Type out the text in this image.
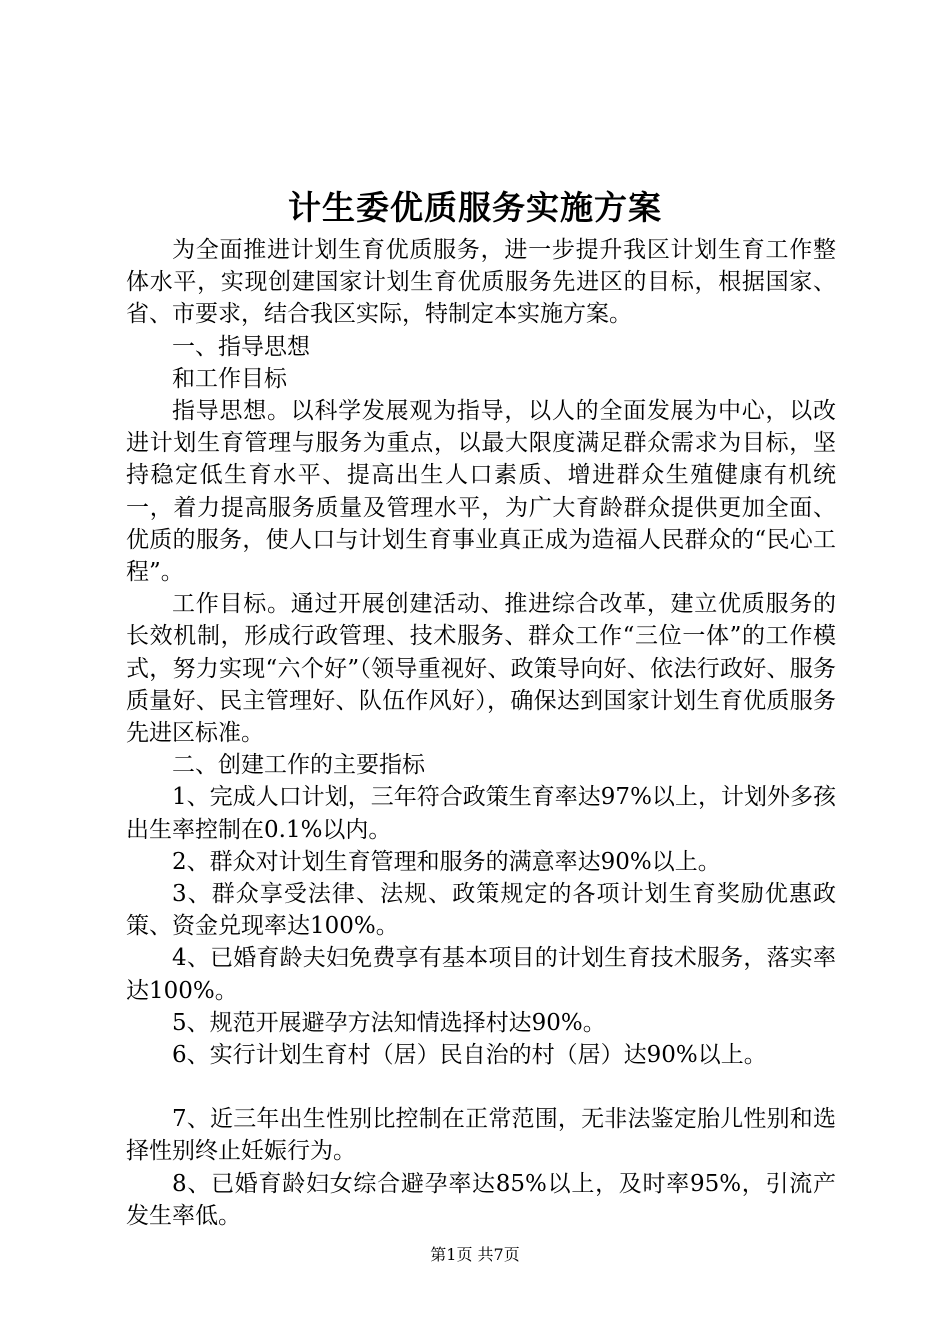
计生委优质服务实施方案

为全面推进计划生育优质服务，进一步提升我区计划生育工作整体水平，实现创建国家计划生育优质服务先进区的目标，根据国家、省、市要求，结合我区实际，特制定本实施方案。

一、指导思想

和工作目标

指导思想。以科学发展观为指导，以人的全面发展为中心，以改进计划生育管理与服务为重点，以最大限度满足群众需求为目标，坚持稳定低生育水平、提高出生人口素质、增进群众生殖健康有机统一，着力提高服务质量及管理水平，为广大育龄群众提供更加全面、优质的服务，使人口与计划生育事业真正成为造福人民群众的“民心工程”。

工作目标。通过开展创建活动、推进综合改革，建立优质服务的长效机制，形成行政管理、技术服务、群众工作“三位一体”的工作模式，努力实现“六个好”（领导重视好、政策导向好、依法行政好、服务质量好、民主管理好、队伍作风好），确保达到国家计划生育优质服务先进区标准。

二、创建工作的主要指标

1、完成人口计划，三年符合政策生育率达97%以上，计划外多孩出生率控制在0.1%以内。

2、群众对计划生育管理和服务的满意率达90%以上。

3、群众享受法律、法规、政策规定的各项计划生育奖励优惠政策、资金兑现率达100%。

4、已婚育龄夫妇免费享有基本项目的计划生育技术服务，落实率达100%。

5、规范开展避孕方法知情选择村达90%。

6、实行计划生育村（居）民自治的村（居）达90%以上。

7、近三年出生性别比控制在正常范围，无非法鉴定胎儿性别和选择性别终止妊娠行为。

8、已婚育龄妇女综合避孕率达85%以上，及时率95%，引流产发生率低。

第1页 共7页
